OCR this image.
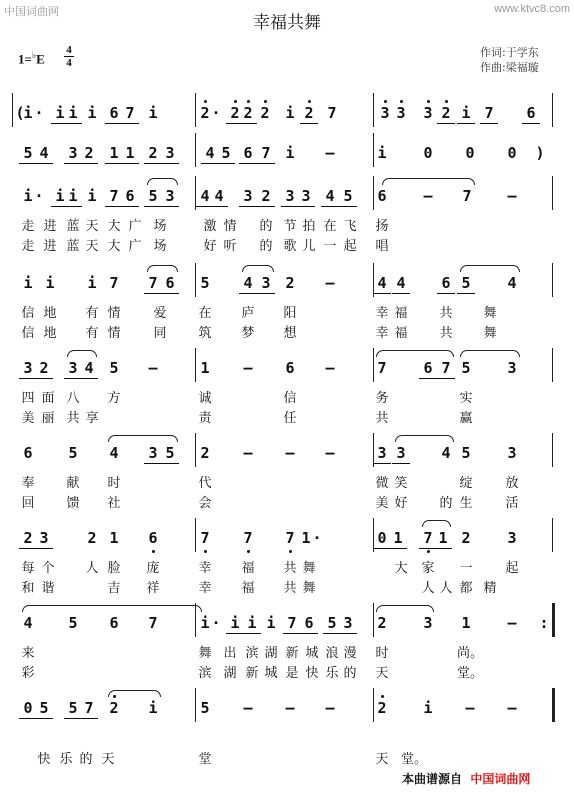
中国词曲网	www.ktvc8.com
幸福共舞
作词:于学东
作曲:梁福璇
1=♭E
4
4
(
i · i i i 6 7 i	2 · 2 2 2 i 2 7	3 3 3 2 i 7 6
5 4 3 2 1 1 2 3 4 5 6 7 i –	i 0 0 0 )
i · i i i 7 6 5 3 4 4 3 2 3 3 4 5 6 – 7 –
i i i 7 7 6 5 4 3 2 –	4 4 6 5 4
3 2 3 4 5 –	1 – 6 –	7 6 7 5 3
6 5 4 3 5 2 – – –	3 3 4 5 3
2 3	2 1 6	7 7 7 1 ·	0 1 7 1 2 3
4 5 6 7	i · i i i 7 6 5 3 2 3 1 – :
0 5 5 7 2 i	5 – – –	2 i – –
走 进 蓝 天 大 广 场	激 情 的 节 拍 在 飞 扬
走 进 蓝 天 大 广 场	好 听 的 歌 儿 一 起 唱
信 地 有 情	爱 在 庐 阳	幸 福 共 舞
信 地 有 情	同 筑 梦 想	幸 福 共 舞
四 面 八 方	诚	信	务	实
美 丽 共 享	责	任	共	赢
奉 献 时	代	微 笑	绽	放
回 馈 社	会	美 好 的 生	活
每 个 人 脸 庞	幸 福 共 舞	大 家 一	起
和 谐	吉 祥	幸 福 共 舞	人 人 都 精
来	舞 出 滨 湖 新 城 浪 漫 时	尚。
彩	滨 湖 新 城 是 快 乐 的 天	堂。
快 乐 的 天	堂	天 堂。
本曲谱源自 中国词曲网
